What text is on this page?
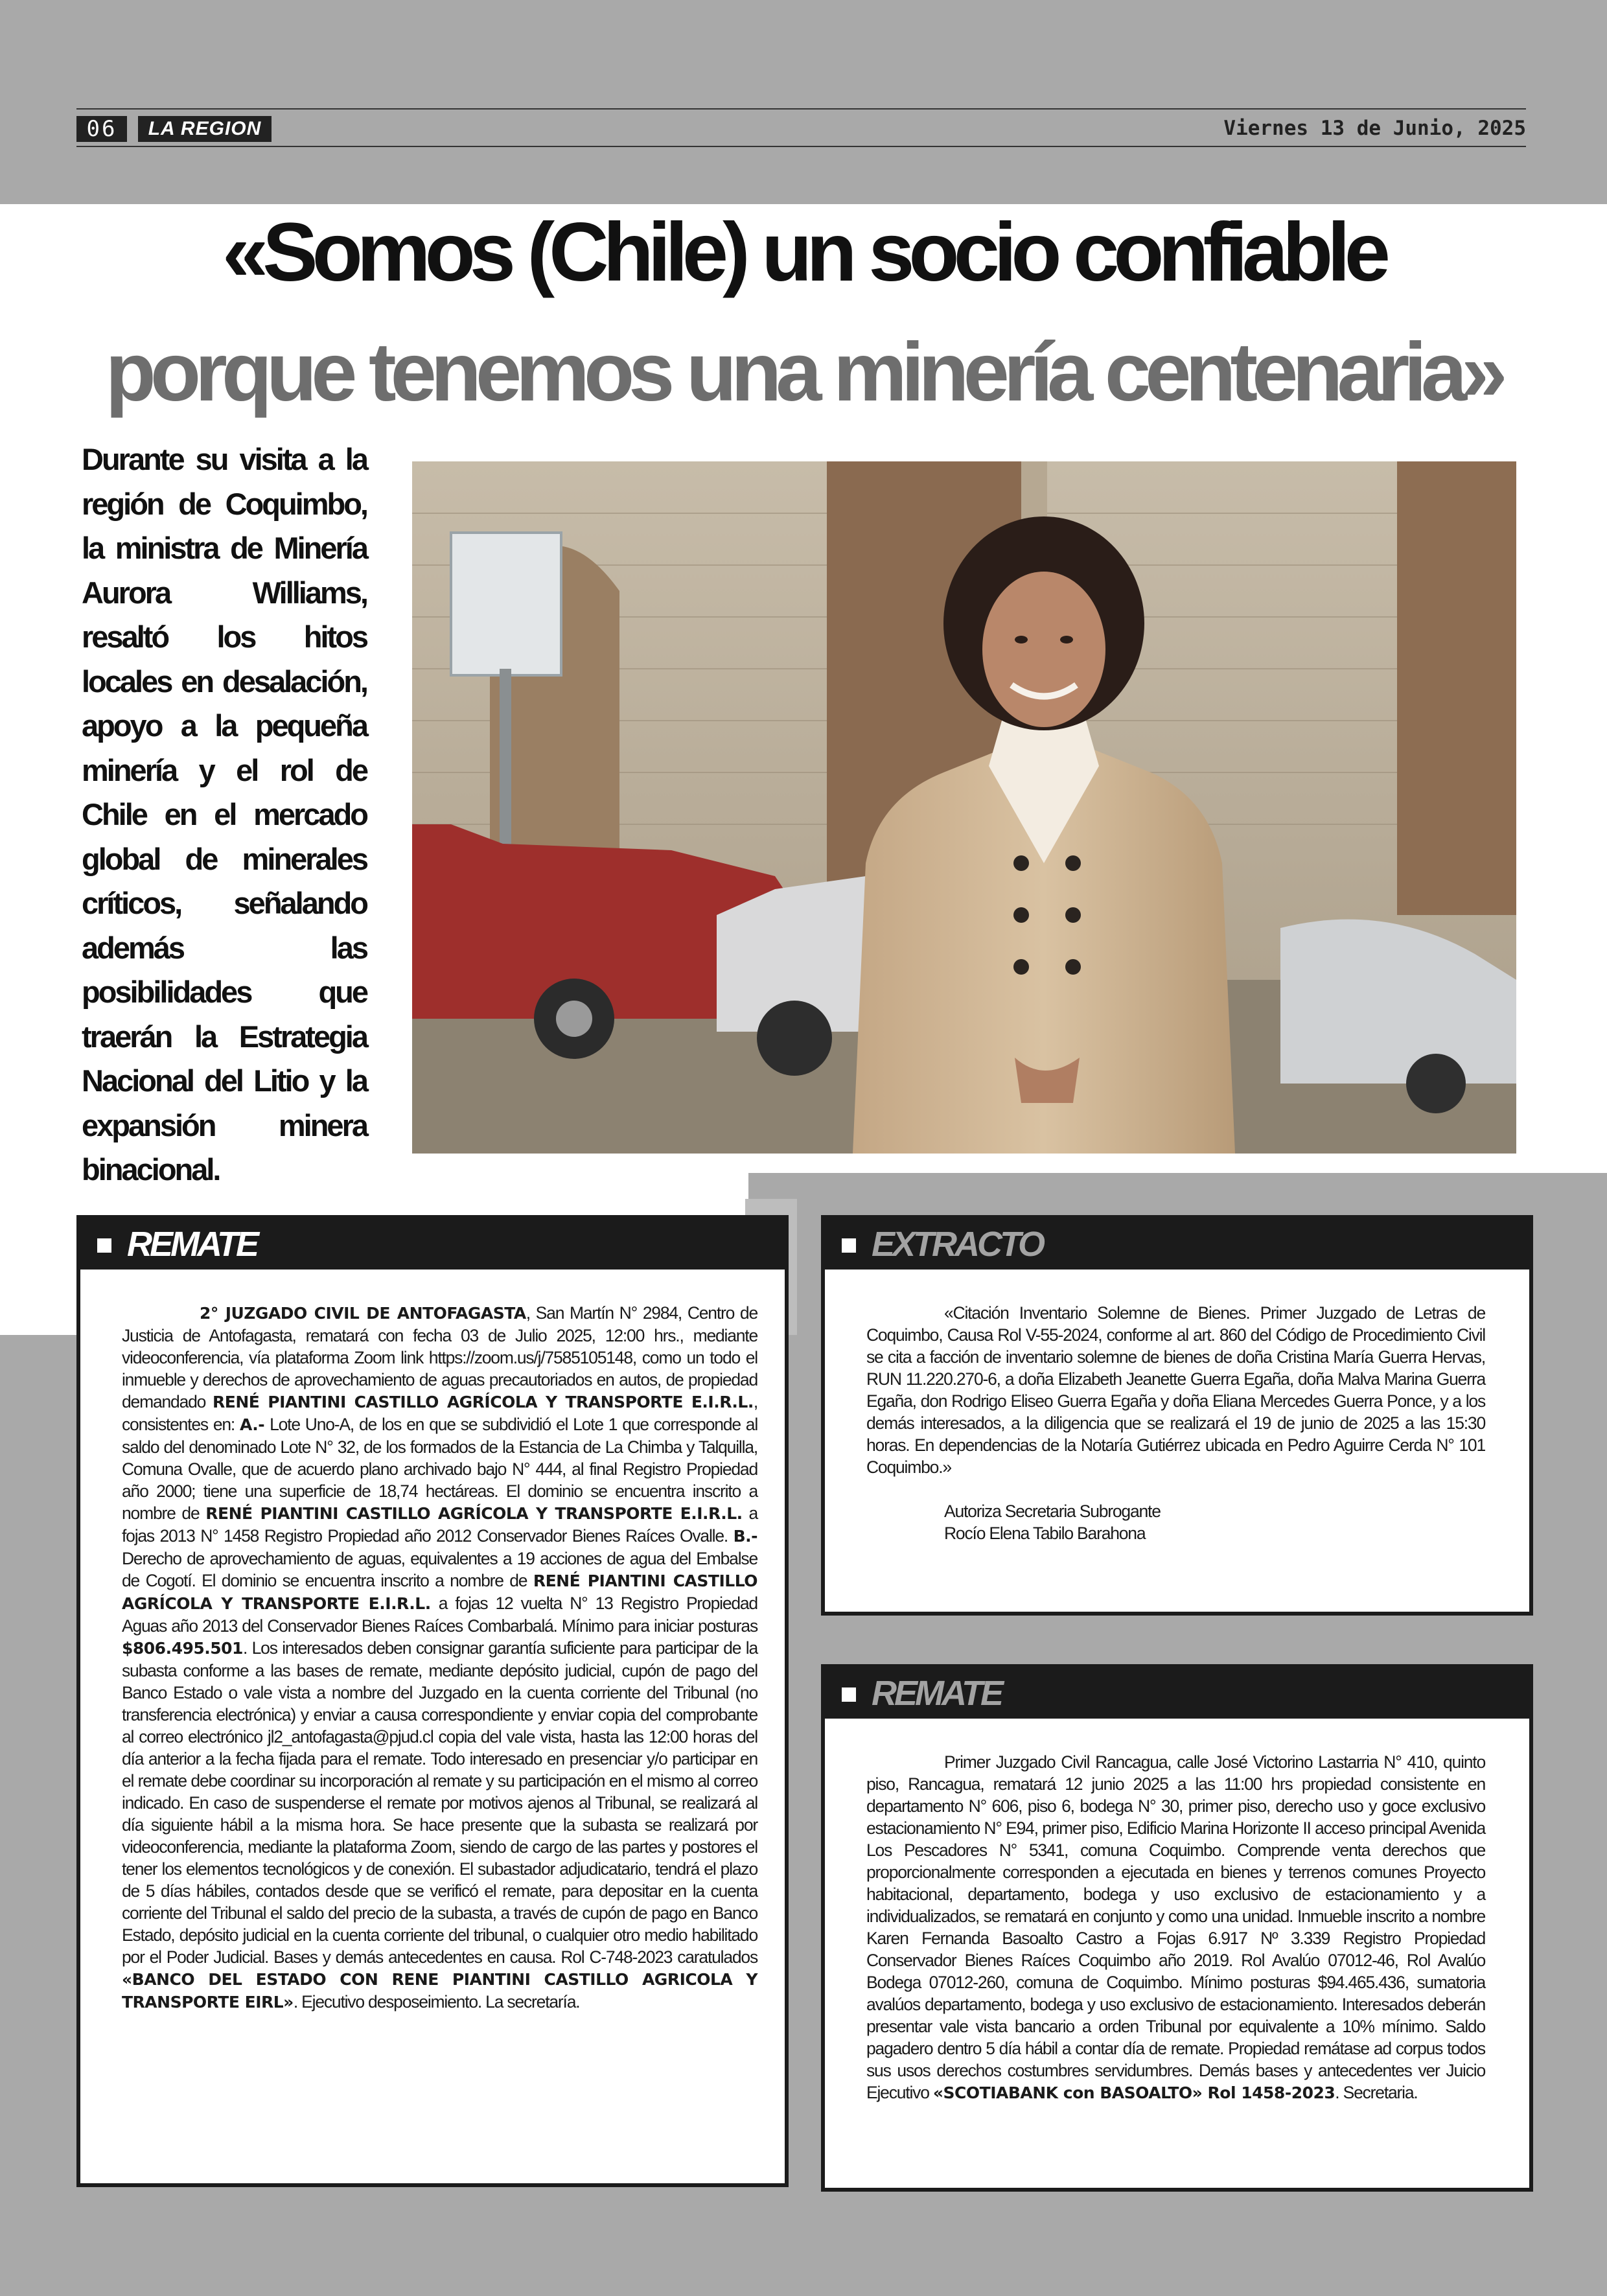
06	LA REGION	Viernes 13 de Junio, 2025
«Somos (Chile) un socio confiable
porque tenemos una minería centenaria»
Durante su visita a la región de Coquimbo, la ministra de Minería Aurora Williams, resaltó los hitos locales en desalación, apoyo a la pequeña minería y el rol de Chile en el mercado global de minerales críticos, señalando además las posibilidades que traerán la Estrategia Nacional del Litio y la expansión minera binacional.
REMATE

2° JUZGADO CIVIL DE ANTOFAGASTA, San Martín N° 2984, Centro de Justicia de Antofagasta, rematará con fecha 03 de Julio 2025, 12:00 hrs., mediante videoconferencia, vía plataforma Zoom link https://zoom.us/j/7585105148, como un todo el inmueble y derechos de aprovechamiento de aguas precautoriados en autos, de propiedad demandado RENÉ PIANTINI CASTILLO AGRÍCOLA Y TRANSPORTE E.I.R.L., consistentes en: A.- Lote Uno-A, de los en que se subdividió el Lote 1 que corresponde al saldo del denominado Lote N° 32, de los formados de la Estancia de La Chimba y Talquilla, Comuna Ovalle, que de acuerdo plano archivado bajo N° 444, al final Registro Propiedad año 2000; tiene una superficie de 18,74 hectáreas. El dominio se encuentra inscrito a nombre de RENÉ PIANTINI CASTILLO AGRÍCOLA Y TRANSPORTE E.I.R.L. a fojas 2013 N° 1458 Registro Propiedad año 2012 Conservador Bienes Raíces Ovalle. B.- Derecho de aprovechamiento de aguas, equivalentes a 19 acciones de agua del Embalse de Cogotí. El dominio se encuentra inscrito a nombre de RENÉ PIANTINI CASTILLO AGRÍCOLA Y TRANSPORTE E.I.R.L. a fojas 12 vuelta N° 13 Registro Propiedad Aguas año 2013 del Conservador Bienes Raíces Combarbalá. Mínimo para iniciar posturas $806.495.501. Los interesados deben consignar garantía suficiente para participar de la subasta conforme a las bases de remate, mediante depósito judicial, cupón de pago del Banco Estado o vale vista a nombre del Juzgado en la cuenta corriente del Tribunal (no transferencia electrónica) y enviar a causa correspondiente y enviar copia del comprobante al correo electrónico jl2_antofagasta@pjud.cl copia del vale vista, hasta las 12:00 horas del día anterior a la fecha fijada para el remate. Todo interesado en presenciar y/o participar en el remate debe coordinar su incorporación al remate y su participación en el mismo al correo indicado. En caso de suspenderse el remate por motivos ajenos al Tribunal, se realizará al día siguiente hábil a la misma hora. Se hace presente que la subasta se realizará por videoconferencia, mediante la plataforma Zoom, siendo de cargo de las partes y postores el tener los elementos tecnológicos y de conexión. El subastador adjudicatario, tendrá el plazo de 5 días hábiles, contados desde que se verificó el remate, para depositar en la cuenta corriente del Tribunal el saldo del precio de la subasta, a través de cupón de pago en Banco Estado, depósito judicial en la cuenta corriente del tribunal, o cualquier otro medio habilitado por el Poder Judicial. Bases y demás antecedentes en causa. Rol C-748-2023 caratulados «BANCO DEL ESTADO CON RENE PIANTINI CASTILLO AGRICOLA Y TRANSPORTE EIRL». Ejecutivo desposeimiento. La secretaría.

EXTRACTO

«Citación Inventario Solemne de Bienes. Primer Juzgado de Letras de Coquimbo, Causa Rol V-55-2024, conforme al art. 860 del Código de Procedimiento Civil se cita a facción de inventario solemne de bienes de doña Cristina María Guerra Hervas, RUN 11.220.270-6, a doña Elizabeth Jeanette Guerra Egaña, doña Malva Marina Guerra Egaña, don Rodrigo Eliseo Guerra Egaña y doña Eliana Mercedes Guerra Ponce, y a los demás interesados, a la diligencia que se realizará el 19 de junio de 2025 a las 15:30 horas. En dependencias de la Notaría Gutiérrez ubicada en Pedro Aguirre Cerda N° 101 Coquimbo.»

Autoriza Secretaria Subrogante

Rocío Elena Tabilo Barahona

REMATE

Primer Juzgado Civil Rancagua, calle José Victorino Lastarria N° 410, quinto piso, Rancagua, rematará 12 junio 2025 a las 11:00 hrs propiedad consistente en departamento N° 606, piso 6, bodega N° 30, primer piso, derecho uso y goce exclusivo estacionamiento N° E94, primer piso, Edificio Marina Horizonte II acceso principal Avenida Los Pescadores N° 5341, comuna Coquimbo. Comprende venta derechos que proporcionalmente corresponden a ejecutada en bienes y terrenos comunes Proyecto habitacional, departamento, bodega y uso exclusivo de estacionamiento y a individualizados, se rematará en conjunto y como una unidad. Inmueble inscrito a nombre Karen Fernanda Basoalto Castro a Fojas 6.917 Nº 3.339 Registro Propiedad Conservador Bienes Raíces Coquimbo año 2019. Rol Avalúo 07012-46, Rol Avalúo Bodega 07012-260, comuna de Coquimbo. Mínimo posturas $94.465.436, sumatoria avalúos departamento, bodega y uso exclusivo de estacionamiento. Interesados deberán presentar vale vista bancario a orden Tribunal por equivalente a 10% mínimo. Saldo pagadero dentro 5 día hábil a contar día de remate. Propiedad remátase ad corpus todos sus usos derechos costumbres servidumbres. Demás bases y antecedentes ver Juicio Ejecutivo «SCOTIABANK con BASOALTO» Rol 1458-2023. Secretaria.
